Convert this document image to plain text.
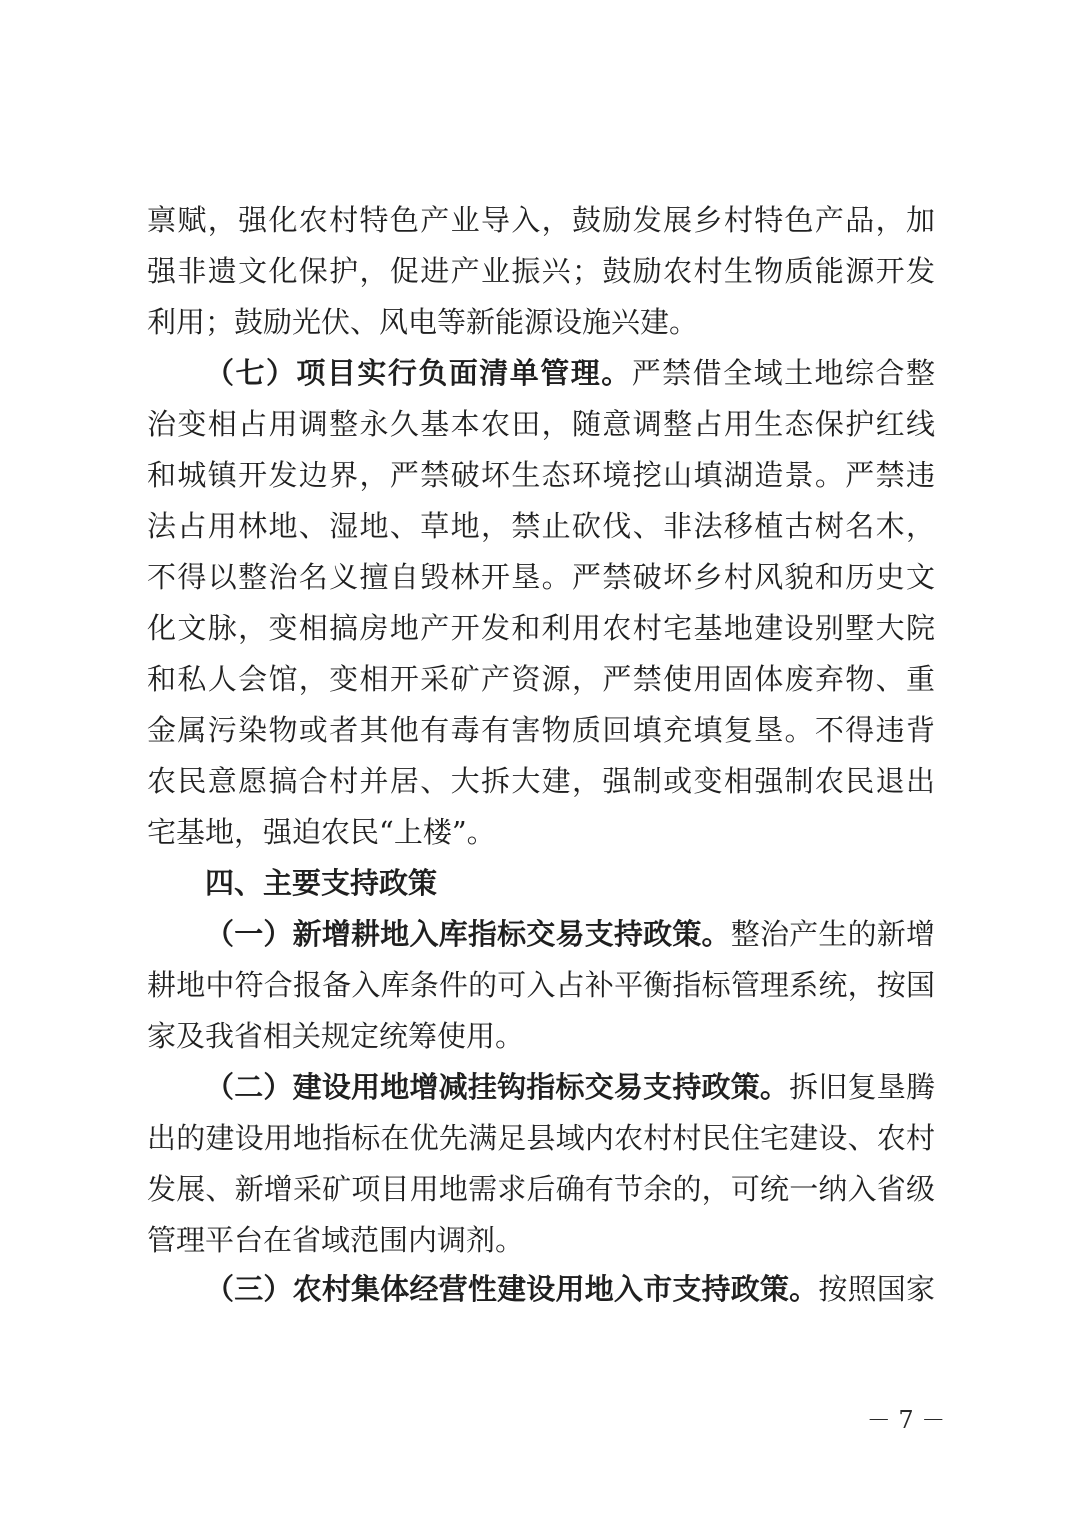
禀赋，强化农村特色产业导入，鼓励发展乡村特色产品，加
强非遗文化保护，促进产业振兴；鼓励农村生物质能源开发
利用；鼓励光伏、风电等新能源设施兴建。
（七）项目实行负面清单管理。严禁借全域土地综合整
治变相占用调整永久基本农田，随意调整占用生态保护红线
和城镇开发边界，严禁破坏生态环境挖山填湖造景。严禁违
法占用林地、湿地、草地，禁止砍伐、非法移植古树名木，
不得以整治名义擅自毁林开垦。严禁破坏乡村风貌和历史文
化文脉，变相搞房地产开发和利用农村宅基地建设别墅大院
和私人会馆，变相开采矿产资源，严禁使用固体废弃物、重
金属污染物或者其他有毒有害物质回填充填复垦。不得违背
农民意愿搞合村并居、大拆大建，强制或变相强制农民退出
宅基地，强迫农民“上楼”。
四、主要支持政策
（一）新增耕地入库指标交易支持政策。整治产生的新增
耕地中符合报备入库条件的可入占补平衡指标管理系统，按国
家及我省相关规定统筹使用。
（二）建设用地增减挂钩指标交易支持政策。拆旧复垦腾
出的建设用地指标在优先满足县域内农村村民住宅建设、农村
发展、新增采矿项目用地需求后确有节余的，可统一纳入省级
管理平台在省域范围内调剂。
（三）农村集体经营性建设用地入市支持政策。按照国家
－ 7 －
